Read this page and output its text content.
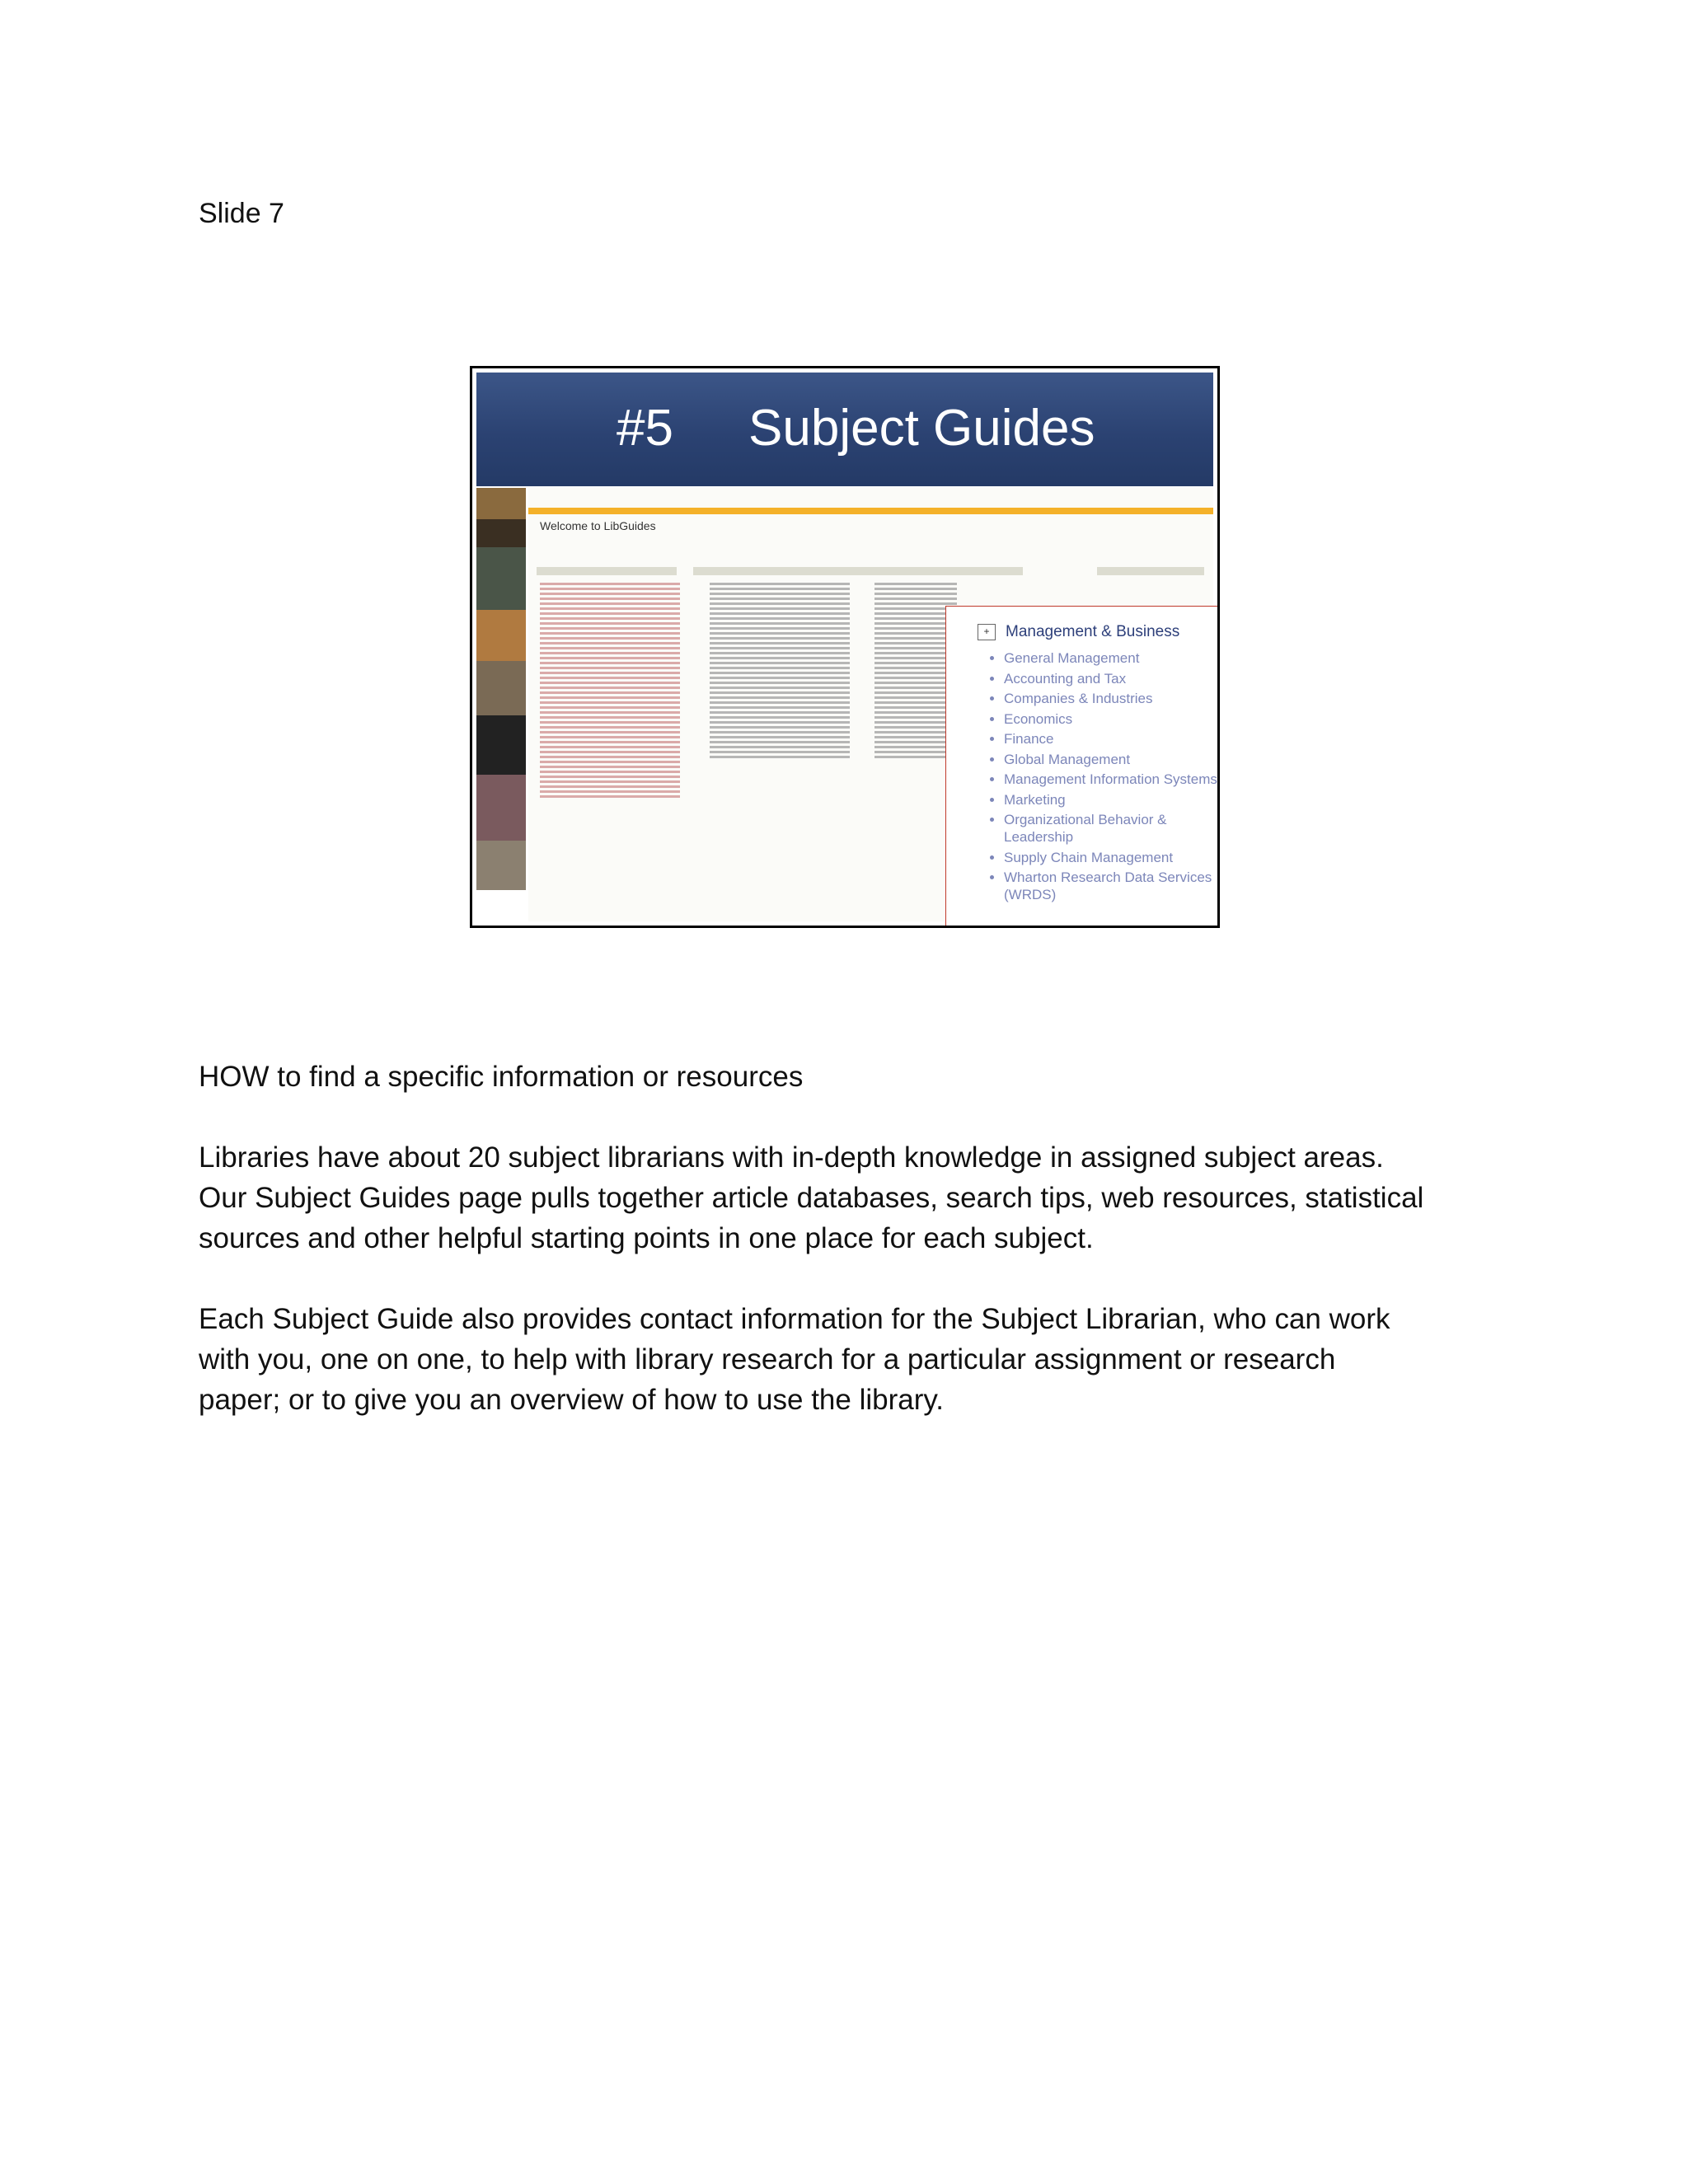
Slide 7
#5 Subject Guides
Welcome to LibGuides
+	Management & Business
• General Management
• Accounting and Tax
• Companies & Industries
• Economics
• Finance
• Global Management
• Management Information Systems
• Marketing
• Organizational Behavior & Leadership
• Supply Chain Management
• Wharton Research Data Services (WRDS)

HOW to find a specific information or resources

Libraries have about 20 subject librarians with in-depth knowledge in assigned subject areas.

Our Subject Guides page pulls together article databases, search tips, web resources, statistical

sources and other helpful starting points in one place for each subject.

Each Subject Guide also provides contact information for the Subject Librarian, who can work

with you, one on one, to help with library research for a particular assignment or research

paper; or to give you an overview of how to use the library.
